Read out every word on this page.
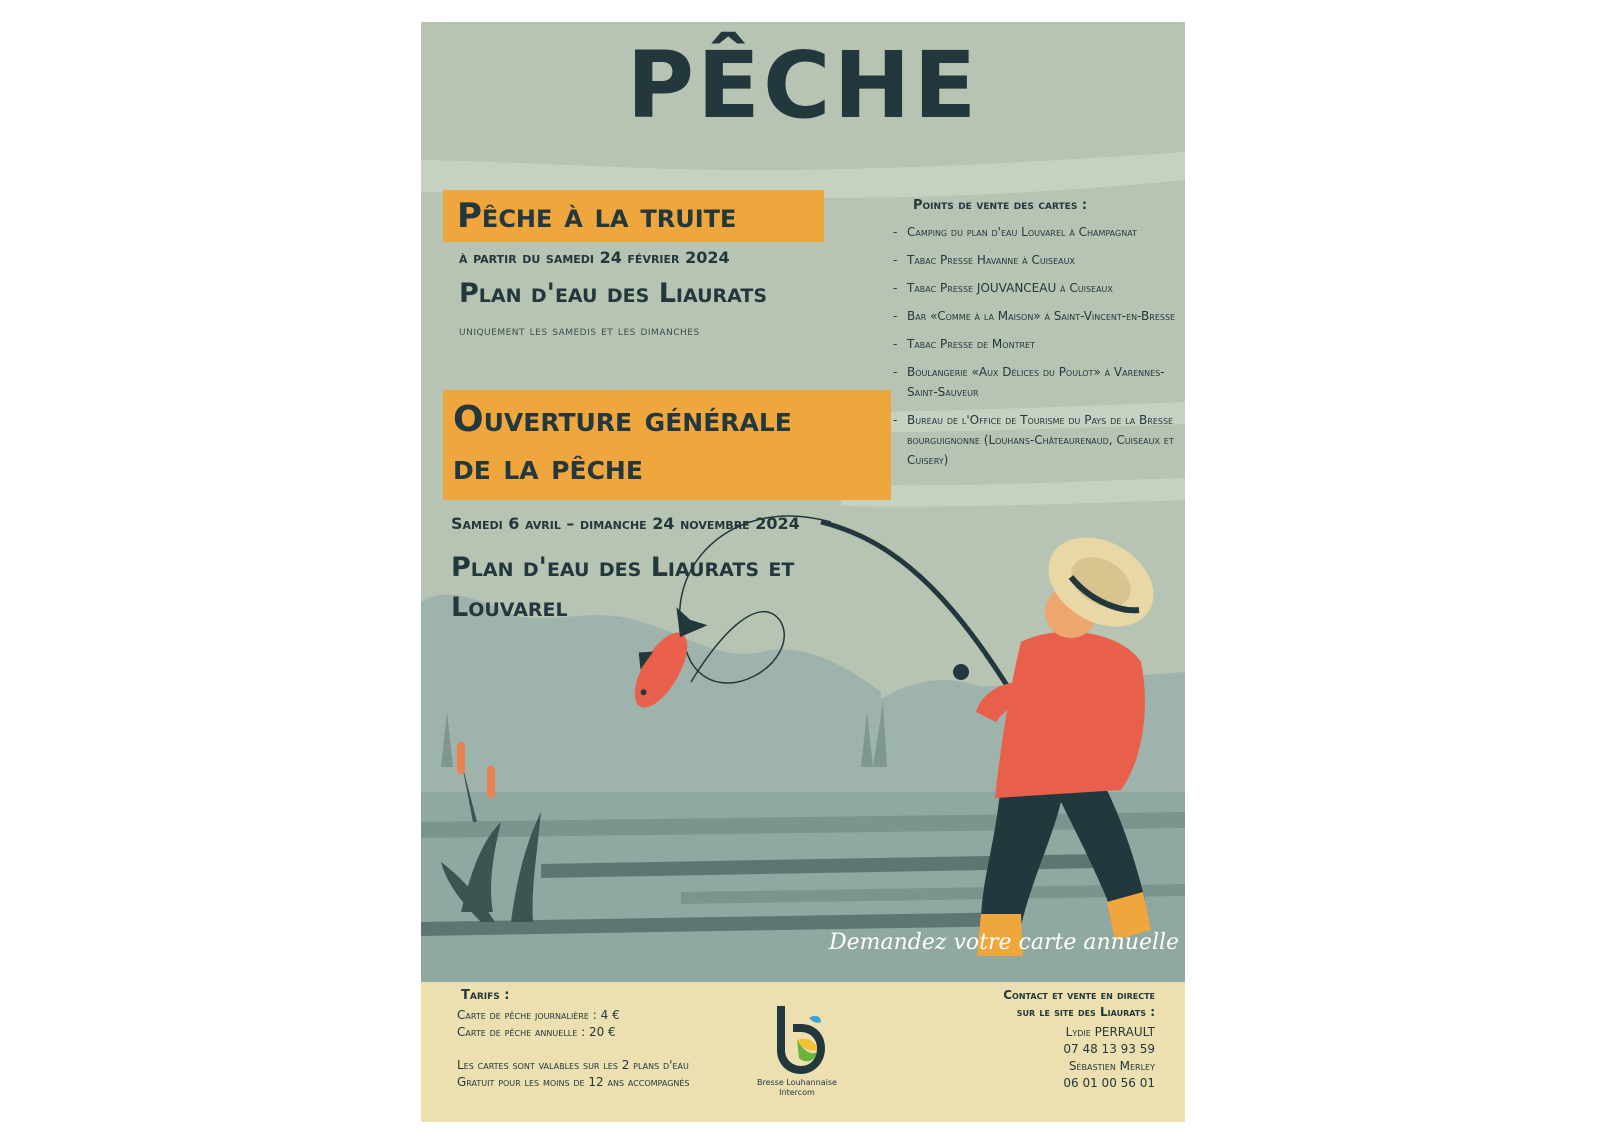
PÊCHE
Pêche à la truite
à partir du samedi 24 février 2024
Plan d'eau des Liaurats
uniquement les samedis et les dimanches
Ouverture générale
de la pêche
Samedi 6 avril – dimanche 24 novembre 2024
Plan d'eau des Liaurats et
Louvarel
Points de vente des cartes :
- Camping du plan d'eau Louvarel à Champagnat
- Tabac Presse Havanne à Cuiseaux
- Tabac Presse JOUVANCEAU à Cuiseaux
- Bar «Comme à la Maison» à Saint-Vincent-en-Bresse
- Tabac Presse de Montret
- Boulangerie «Aux Délices du Poulot» à Varennes-Saint-Sauveur
- Bureau de l'Office de Tourisme du Pays de la Bresse bourguignonne (Louhans-Châteaurenaud, Cuiseaux et Cuisery)
Demandez votre carte annuelle
Tarifs :
Carte de pêche journalière : 4 €
Carte de pêche annuelle : 20 €
Les cartes sont valables sur les 2 plans d'eau
Gratuit pour les moins de 12 ans accompagnés	Bresse Louhannaise
Intercom
Contact et vente en directe
sur le site des Liaurats :
Lydie PERRAULT
07 48 13 93 59
Sébastien Merley
06 01 00 56 01
